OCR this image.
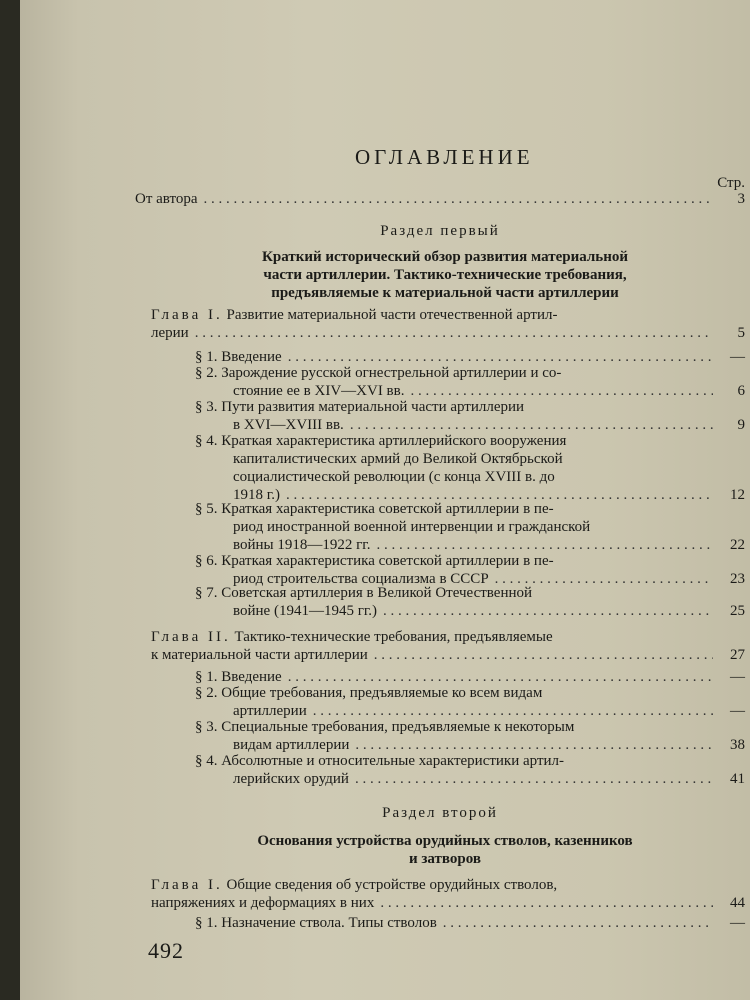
ОГЛАВЛЕНИЕ
Стр.
От автора . . .	3
Раздел первый
Краткий исторический обзор развития материальной
части артиллерии. Тактико-технические требования,
предъявляемые к материальной части артиллерии
Глава I. Развитие материальной части отечественной артил-
лерии . . .	5
§ 1. Введение . . .	—
§ 2. Зарождение русской огнестрельной артиллерии и со-
стояние ее в XIV—XVI вв. . . .	6
§ 3. Пути развития материальной части артиллерии
в XVI—XVIII вв. . . .	9
§ 4. Краткая характеристика артиллерийского вооружения
капиталистических армий до Великой Октябрьской
социалистической революции (с конца XVIII в. до
1918 г.) . . .	12
§ 5. Краткая характеристика советской артиллерии в пе-
риод иностранной военной интервенции и гражданской
войны 1918—1922 гг. . . .	22
§ 6. Краткая характеристика советской артиллерии в пе-
риод строительства социализма в СССР . . .	23
§ 7. Советская артиллерия в Великой Отечественной
войне (1941—1945 гг.) . . .	25
Глава II. Тактико-технические требования, предъявляемые
к материальной части артиллерии . . .	27
§ 1. Введение . . .	—
§ 2. Общие требования, предъявляемые ко всем видам
артиллерии . . .	—
§ 3. Специальные требования, предъявляемые к некоторым
видам артиллерии . . .	38
§ 4. Абсолютные и относительные характеристики артил-
лерийских орудий . . .	41
Раздел второй
Основания устройства орудийных стволов, казенников
и затворов
Глава I. Общие сведения об устройстве орудийных стволов,
напряжениях и деформациях в них . . .	44
§ 1. Назначение ствола. Типы стволов . . .	—
492
